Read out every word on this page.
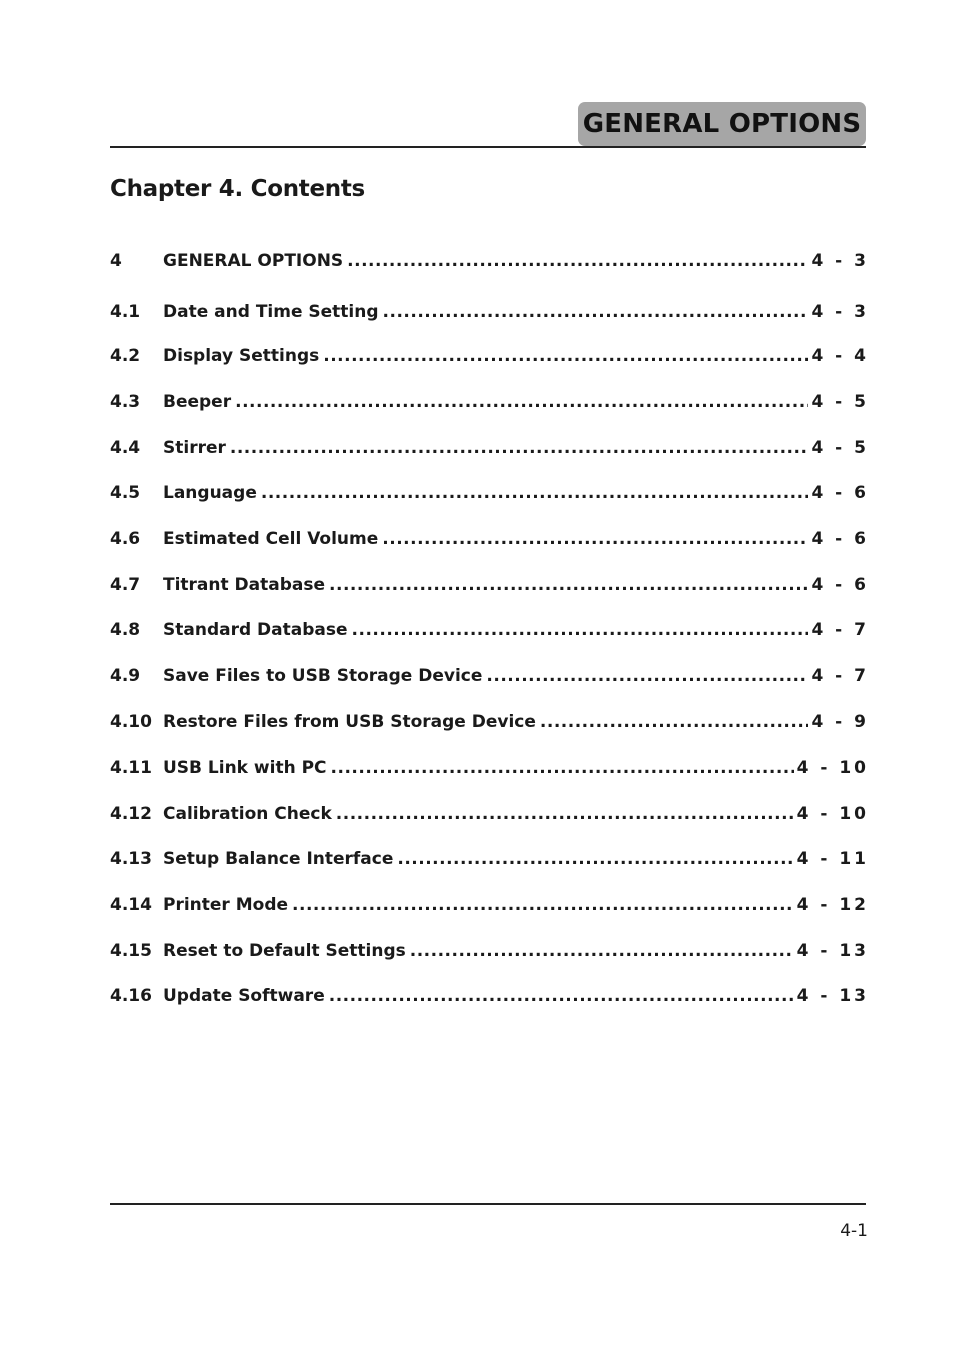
GENERAL OPTIONS
Chapter 4. Contents
4	GENERAL OPTIONS .....	4 - 3
4.1	Date and Time Setting .....	4 - 3
4.2	Display Settings .....	4 - 4
4.3	Beeper .....	4 - 5
4.4	Stirrer .....	4 - 5
4.5	Language .....	4 - 6
4.6	Estimated Cell Volume .....	4 - 6
4.7	Titrant Database .....	4 - 6
4.8	Standard Database .....	4 - 7
4.9	Save Files to USB Storage Device .....	4 - 7
4.10 Restore Files from USB Storage Device .....	4 - 9
4.11 USB Link with PC .....	4 - 10
4.12 Calibration Check .....	4 - 10
4.13 Setup Balance Interface .....	4 - 11
4.14 Printer Mode .....	4 - 12
4.15 Reset to Default Settings .....	4 - 13
4.16 Update Software .....	4 - 13
4-1
